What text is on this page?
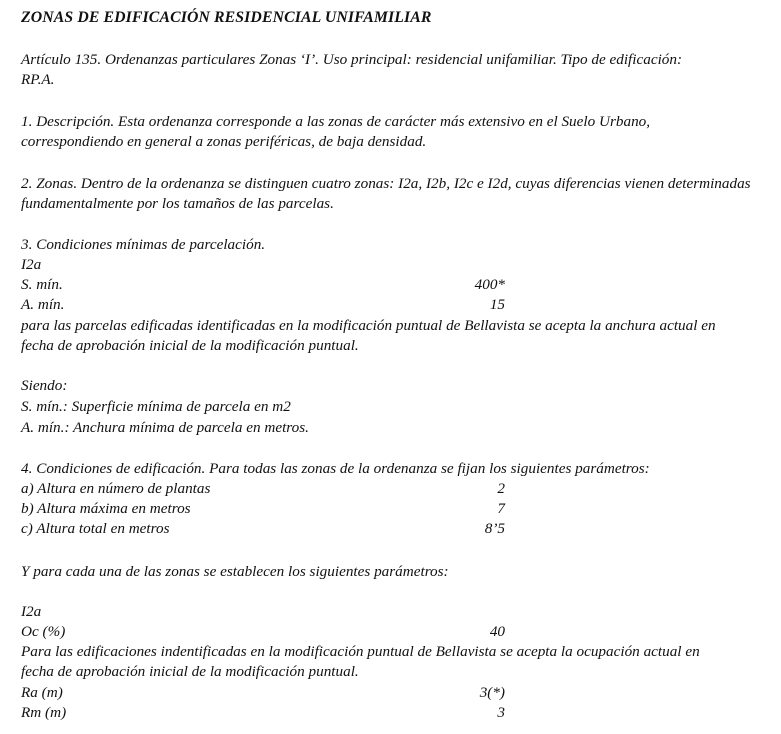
ZONAS DE EDIFICACIÓN RESIDENCIAL UNIFAMILIAR
Artículo 135. Ordenanzas particulares Zonas ‘I’. Uso principal: residencial unifamiliar. Tipo de edificación: RP.A.
1. Descripción. Esta ordenanza corresponde a las zonas de carácter más extensivo en el Suelo Urbano, correspondiendo en general a zonas periféricas, de baja densidad.
2. Zonas. Dentro de la ordenanza se distinguen cuatro zonas: I2a, I2b, I2c e I2d, cuyas diferencias vienen determinadas fundamentalmente por los tamaños de las parcelas.
3. Condiciones mínimas de parcelación.
I2a
S. mín.	400*
A. mín.	15
para las parcelas edificadas identificadas en la modificación puntual de Bellavista se acepta la anchura actual en fecha de aprobación inicial de la modificación puntual.
Siendo:
S. mín.: Superficie mínima de parcela en m2
A. mín.: Anchura mínima de parcela en metros.
4. Condiciones de edificación. Para todas las zonas de la ordenanza se fijan los siguientes parámetros:
a) Altura en número de plantas	2
b) Altura máxima en metros	7
c) Altura total en metros	8’5
Y para cada una de las zonas se establecen los siguientes parámetros:
I2a
Oc (%)	40
Para las edificaciones indentificadas en la modificación puntual de Bellavista se acepta la ocupación actual en fecha de aprobación inicial de la modificación puntual.
Ra (m)	3(*)
Rm (m)	3
